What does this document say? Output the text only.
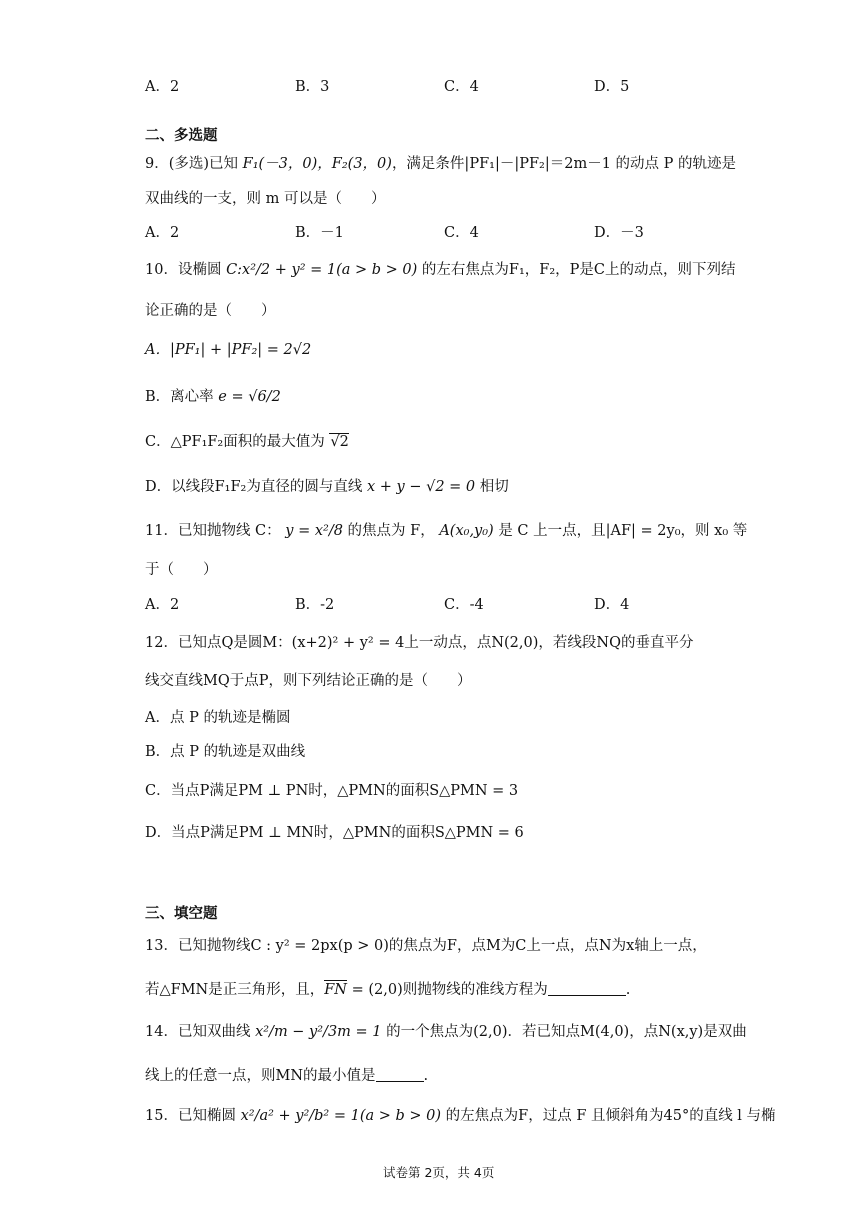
A．2	B．3	C．4	D．5
二、多选题
9．(多选)已知 F₁(－3，0)，F₂(3，0)，满足条件|PF₁|－|PF₂|＝2m－1 的动点 P 的轨迹是
双曲线的一支，则 m 可以是（　　）
A．2	B．－1	C．4	D．－3
10．设椭圆 C:x²/2 + y² = 1(a > b > 0) 的左右焦点为F₁，F₂，P是C上的动点，则下列结
论正确的是（　　）
A．|PF₁| + |PF₂| = 2√2
B．离心率 e = √6/2
C．△PF₁F₂面积的最大值为 √2
D．以线段F₁F₂为直径的圆与直线 x + y − √2 = 0 相切
11．已知抛物线 C： y = x²/8 的焦点为 F， A(x₀,y₀) 是 C 上一点，且|AF| = 2y₀，则 x₀ 等
于（　　）
A．2	B．-2	C．-4	D．4
12．已知点Q是圆M：(x+2)² + y² = 4上一动点，点N(2,0)，若线段NQ的垂直平分
线交直线MQ于点P，则下列结论正确的是（　　）
A．点 P 的轨迹是椭圆
B．点 P 的轨迹是双曲线
C．当点P满足PM ⊥ PN时，△PMN的面积S△PMN = 3
D．当点P满足PM ⊥ MN时，△PMN的面积S△PMN = 6
三、填空题
13．已知抛物线C : y² = 2px(p > 0)的焦点为F，点M为C上一点，点N为x轴上一点，
若△FMN是正三角形，且，FN = (2,0)则抛物线的准线方程为	.
14．已知双曲线 x²/m − y²/3m = 1 的一个焦点为(2,0)．若已知点M(4,0)，点N(x,y)是双曲
线上的任意一点，则MN的最小值是	.
15．已知椭圆 x²/a² + y²/b² = 1(a > b > 0) 的左焦点为F，过点 F 且倾斜角为45°的直线 l 与椭
试卷第 2页，共 4页
